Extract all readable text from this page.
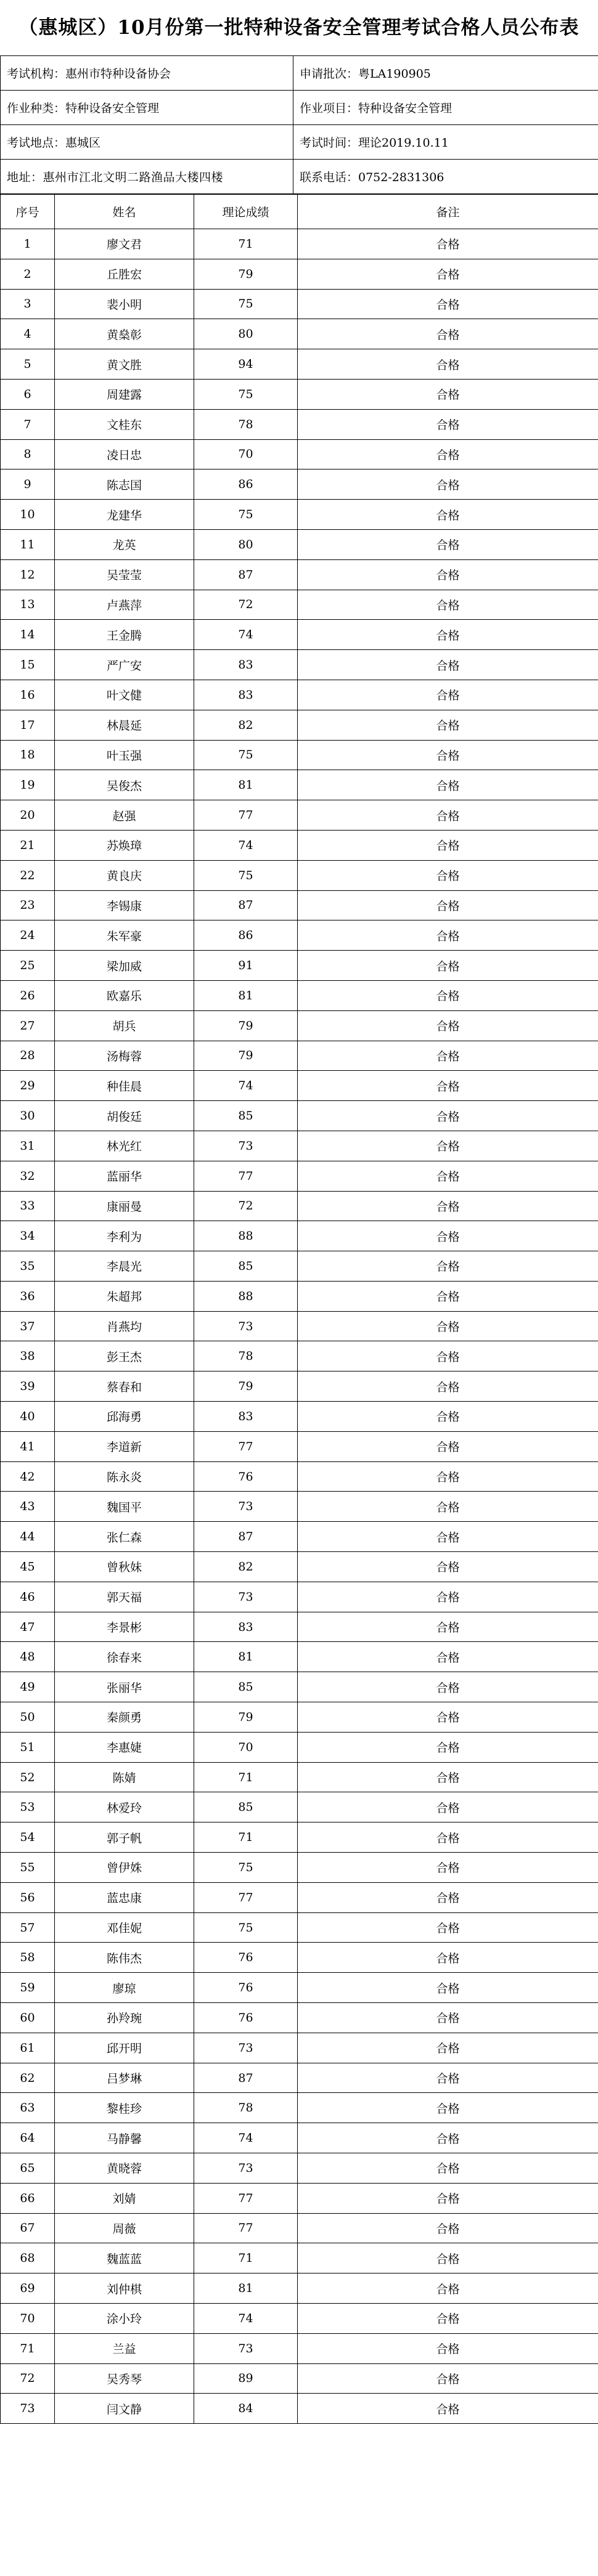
（惠城区）10月份第一批特种设备安全管理考试合格人员公布表
考试机构：惠州市特种设备协会	申请批次：粤LA190905
作业种类：特种设备安全管理	作业项目：特种设备安全管理
考试地点：惠城区	考试时间：理论2019.10.11
地址：惠州市江北文明二路渔品大楼四楼	联系电话：0752-2831306
序号	姓名	理论成绩	备注
1	廖文君	71	合格
2	丘胜宏	79	合格
3	裴小明	75	合格
4	黄燊彰	80	合格
5	黄文胜	94	合格
6	周建露	75	合格
7	文桂东	78	合格
8	凌日忠	70	合格
9	陈志国	86	合格
10	龙建华	75	合格
11	龙英	80	合格
12	吴莹莹	87	合格
13	卢燕萍	72	合格
14	王金腾	74	合格
15	严广安	83	合格
16	叶文健	83	合格
17	林晨延	82	合格
18	叶玉强	75	合格
19	吴俊杰	81	合格
20	赵强	77	合格
21	苏焕璋	74	合格
22	黄良庆	75	合格
23	李锡康	87	合格
24	朱军豪	86	合格
25	梁加威	91	合格
26	欧嘉乐	81	合格
27	胡兵	79	合格
28	汤梅蓉	79	合格
29	种佳晨	74	合格
30	胡俊廷	85	合格
31	林光红	73	合格
32	蓝丽华	77	合格
33	康丽曼	72	合格
34	李利为	88	合格
35	李晨光	85	合格
36	朱超邦	88	合格
37	肖燕均	73	合格
38	彭王杰	78	合格
39	蔡春和	79	合格
40	邱海勇	83	合格
41	李道新	77	合格
42	陈永炎	76	合格
43	魏国平	73	合格
44	张仁森	87	合格
45	曾秋妹	82	合格
46	郭天福	73	合格
47	李景彬	83	合格
48	徐春来	81	合格
49	张丽华	85	合格
50	秦颜勇	79	合格
51	李惠婕	70	合格
52	陈婧	71	合格
53	林爱玲	85	合格
54	郭子帆	71	合格
55	曾伊姝	75	合格
56	蓝忠康	77	合格
57	邓佳妮	75	合格
58	陈伟杰	76	合格
59	廖琼	76	合格
60	孙羚琬	76	合格
61	邱开明	73	合格
62	吕梦琳	87	合格
63	黎桂珍	78	合格
64	马静馨	74	合格
65	黄晓蓉	73	合格
66	刘婧	77	合格
67	周薇	77	合格
68	魏蓝蓝	71	合格
69	刘仲棋	81	合格
70	涂小玲	74	合格
71	兰益	73	合格
72	吴秀琴	89	合格
73	闫文静	84	合格
